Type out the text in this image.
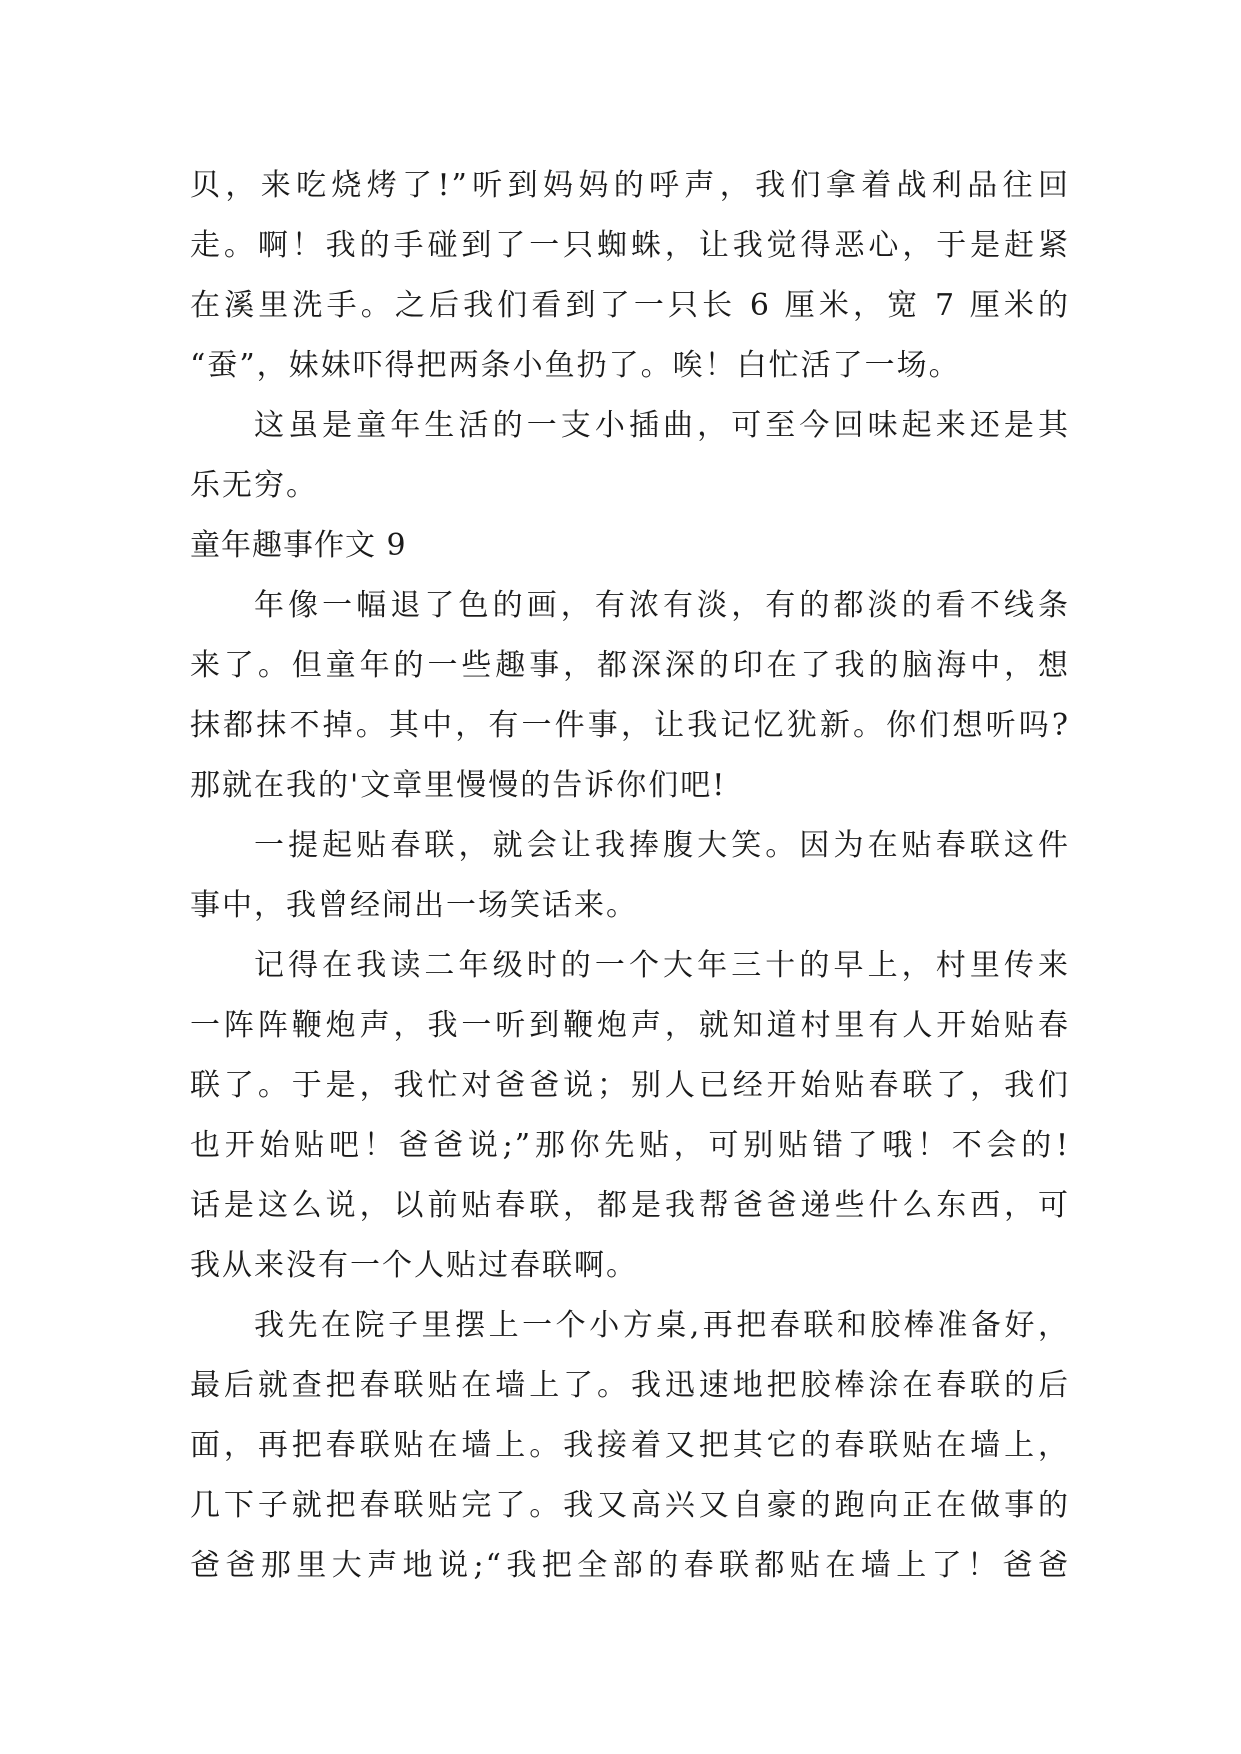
贝，来吃烧烤了!”听到妈妈的呼声，我们拿着战利品往回
走。啊！我的手碰到了一只蜘蛛，让我觉得恶心，于是赶紧
在溪里洗手。之后我们看到了一只长 6 厘米，宽 7 厘米的
“蚕”，妹妹吓得把两条小鱼扔了。唉！白忙活了一场。
这虽是童年生活的一支小插曲，可至今回味起来还是其
乐无穷。
童年趣事作文 9
年像一幅退了色的画，有浓有淡，有的都淡的看不线条
来了。但童年的一些趣事，都深深的印在了我的脑海中，想
抹都抹不掉。其中，有一件事，让我记忆犹新。你们想听吗?
那就在我的'文章里慢慢的告诉你们吧!
一提起贴春联，就会让我捧腹大笑。因为在贴春联这件
事中，我曾经闹出一场笑话来。
记得在我读二年级时的一个大年三十的早上，村里传来
一阵阵鞭炮声，我一听到鞭炮声，就知道村里有人开始贴春
联了。于是，我忙对爸爸说；别人已经开始贴春联了，我们
也开始贴吧！爸爸说;”那你先贴，可别贴错了哦！不会的!
话是这么说，以前贴春联，都是我帮爸爸递些什么东西，可
我从来没有一个人贴过春联啊。
我先在院子里摆上一个小方桌,再把春联和胶棒准备好，
最后就查把春联贴在墙上了。我迅速地把胶棒涂在春联的后
面，再把春联贴在墙上。我接着又把其它的春联贴在墙上，
几下子就把春联贴完了。我又高兴又自豪的跑向正在做事的
爸爸那里大声地说;“我把全部的春联都贴在墙上了！爸爸
